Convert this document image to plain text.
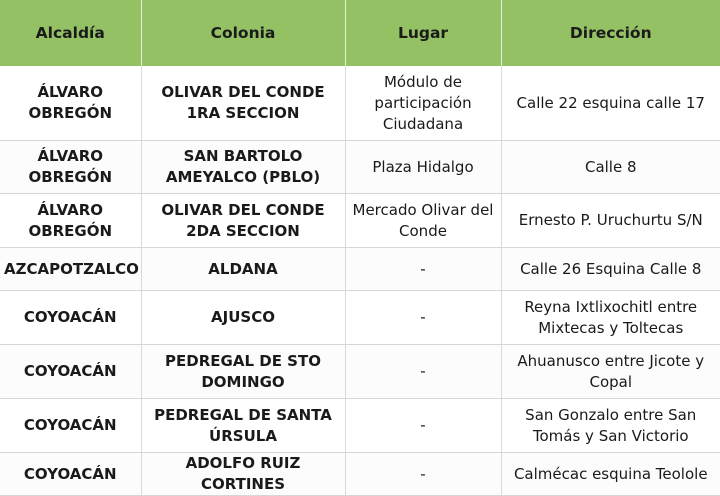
Alcaldía	Colonia	Lugar	Dirección
ÁLVARO OBREGÓN	OLIVAR DEL CONDE 1RA SECCION	Módulo de participación Ciudadana	Calle 22 esquina calle 17
ÁLVARO OBREGÓN	SAN BARTOLO AMEYALCO (PBLO)	Plaza Hidalgo	Calle 8
ÁLVARO OBREGÓN	OLIVAR DEL CONDE 2DA SECCION	Mercado Olivar del Conde	Ernesto P. Uruchurtu S/N
AZCAPOTZALCO	ALDANA	-	Calle 26 Esquina Calle 8
COYOACÁN	AJUSCO	-	Reyna Ixtlixochitl entre Mixtecas y Toltecas
COYOACÁN	PEDREGAL DE STO DOMINGO	-	Ahuanusco entre Jicote y Copal
COYOACÁN	PEDREGAL DE SANTA ÚRSULA	-	San Gonzalo entre San Tomás y San Victorio
COYOACÁN	ADOLFO RUIZ CORTINES	-	Calmécac esquina Teolole
